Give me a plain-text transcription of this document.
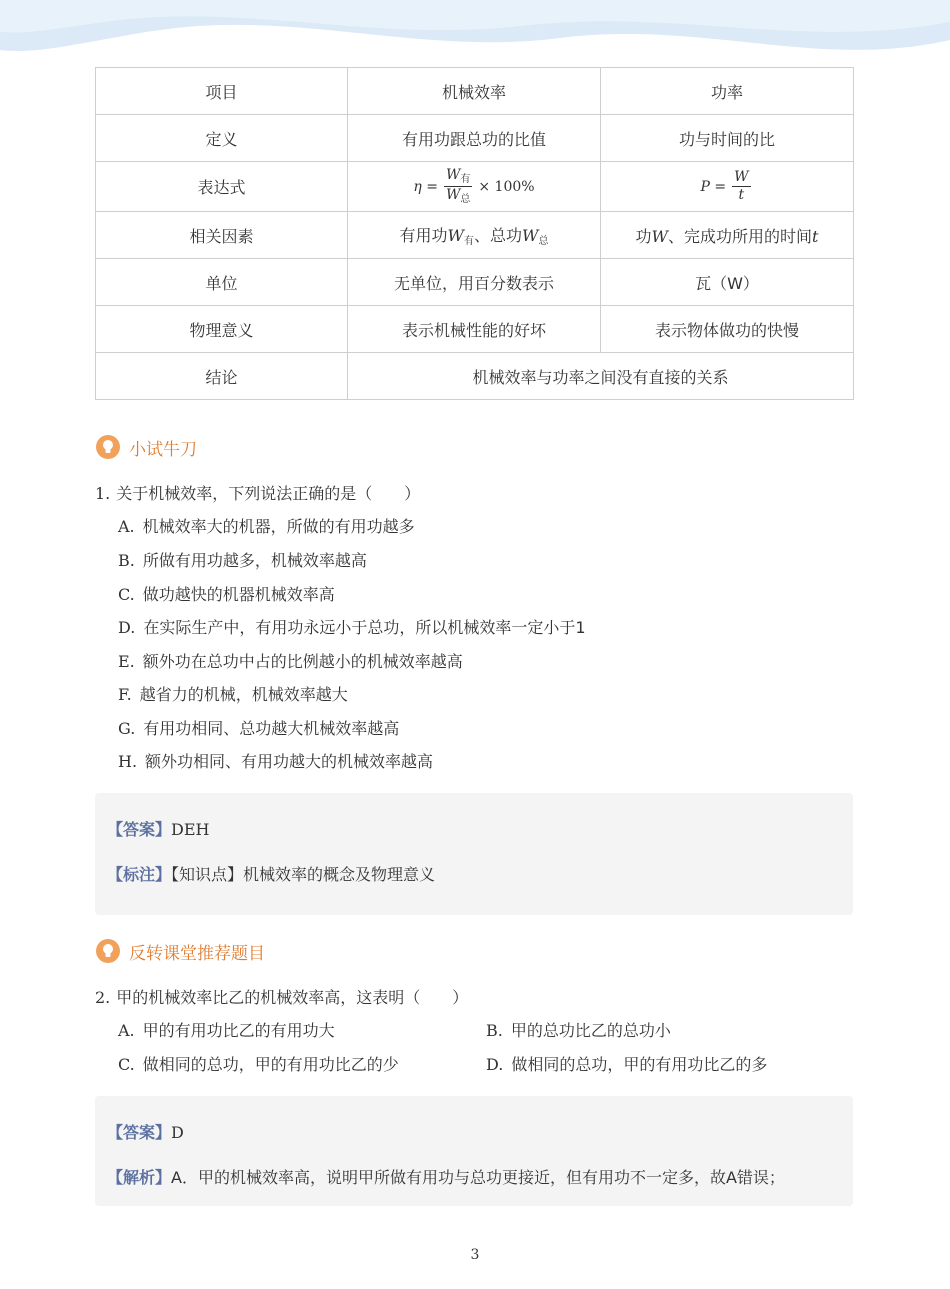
项目	机械效率	功率
定义	有用功跟总功的比值	功与时间的比
表达式	$\eta = \frac{W_有}{W_总} \times 100\%$	$P = \frac{W}{t}$

相关因素	有用功$W_有$、总功$W_总$	功W、完成功所用的时间t
单位	无单位，用百分数表示	瓦（W）
物理意义	表示机械性能的好坏	表示物体做功的快慢
结论	机械效率与功率之间没有直接的关系	
小试牛刀
1. 关于机械效率，下列说法正确的是（　　）
A. 机械效率大的机器，所做的有用功越多
B. 所做有用功越多，机械效率越高
C. 做功越快的机器机械效率高
D. 在实际生产中，有用功永远小于总功，所以机械效率一定小于1
E. 额外功在总功中占的比例越小的机械效率越高
F. 越省力的机械，机械效率越大
G. 有用功相同、总功越大机械效率越高
H. 额外功相同、有用功越大的机械效率越高
【答案】DEH
【标注】【知识点】机械效率的概念及物理意义
反转课堂推荐题目
2. 甲的机械效率比乙的机械效率高，这表明（　　）
A. 甲的有用功比乙的有用功大	B. 甲的总功比乙的总功小
C. 做相同的总功，甲的有用功比乙的少	D. 做相同的总功，甲的有用功比乙的多
【答案】D
【解析】A．甲的机械效率高，说明甲所做有用功与总功更接近，但有用功不一定多，故A错误；
3
